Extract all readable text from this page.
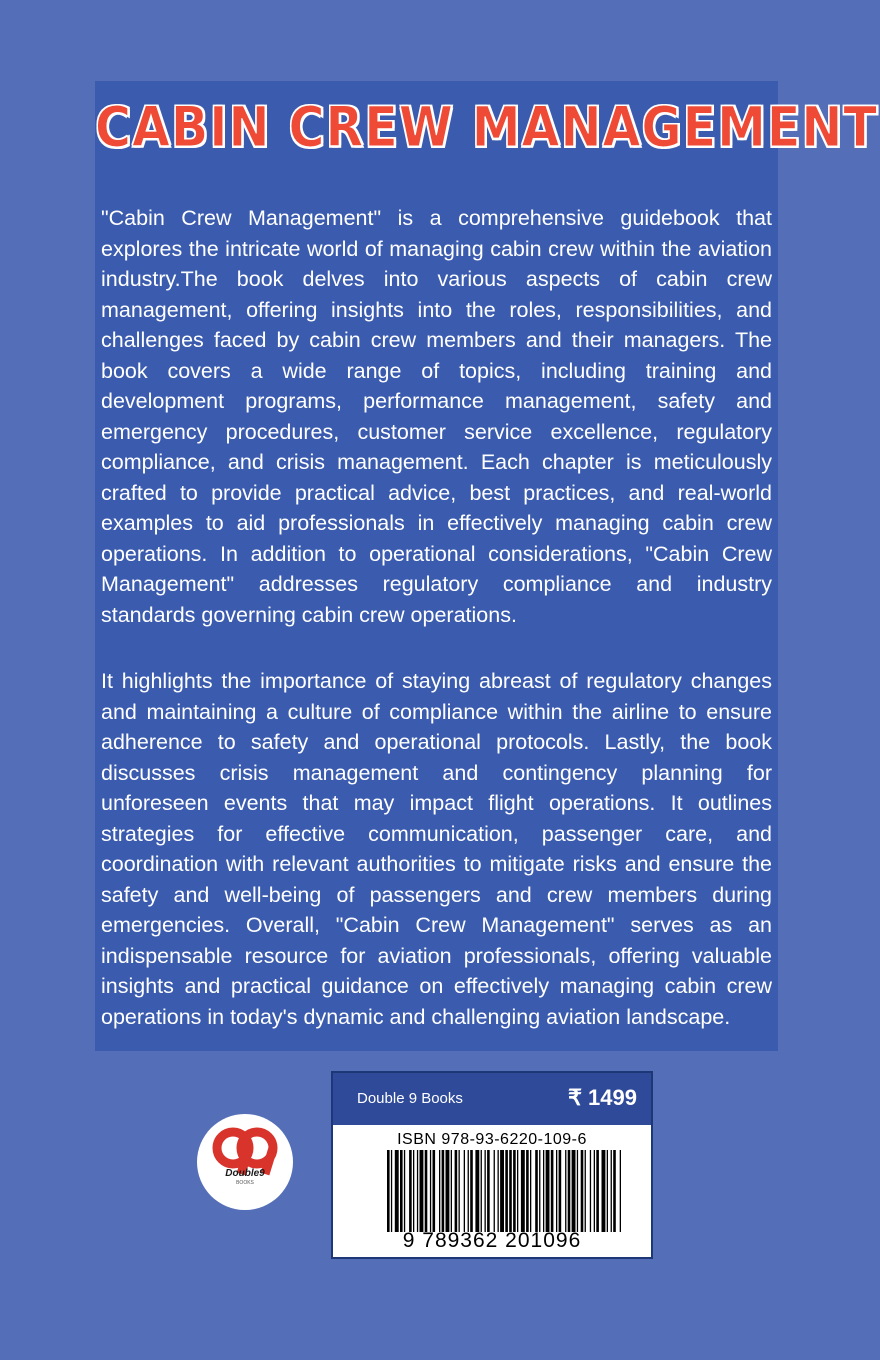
CABIN CREW MANAGEMENT

"Cabin Crew Management" is a comprehensive guidebook that explores the intricate world of managing cabin crew within the aviation industry.The book delves into various aspects of cabin crew management, offering insights into the roles, responsibilities, and challenges faced by cabin crew members and their managers. The book covers a wide range of topics, including training and development programs, performance management, safety and emergency procedures, customer service excellence, regulatory compliance, and crisis management. Each chapter is meticulously crafted to provide practical advice, best practices, and real-world examples to aid professionals in effectively managing cabin crew operations. In addition to operational considerations, "Cabin Crew Management" addresses regulatory compliance and industry standards governing cabin crew operations.

It highlights the importance of staying abreast of regulatory changes and maintaining a culture of compliance within the airline to ensure adherence to safety and operational protocols. Lastly, the book discusses crisis management and contingency planning for unforeseen events that may impact flight operations. It outlines strategies for effective communication, passenger care, and coordination with relevant authorities to mitigate risks and ensure the safety and well-being of passengers and crew members during emergencies. Overall, "Cabin Crew Management" serves as an indispensable resource for aviation professionals, offering valuable insights and practical guidance on effectively managing cabin crew operations in today's dynamic and challenging aviation landscape.

Double9
BOOKS
Double 9 Books	₹ 1499
ISBN 978-93-6220-109-6
9 789362 201096
